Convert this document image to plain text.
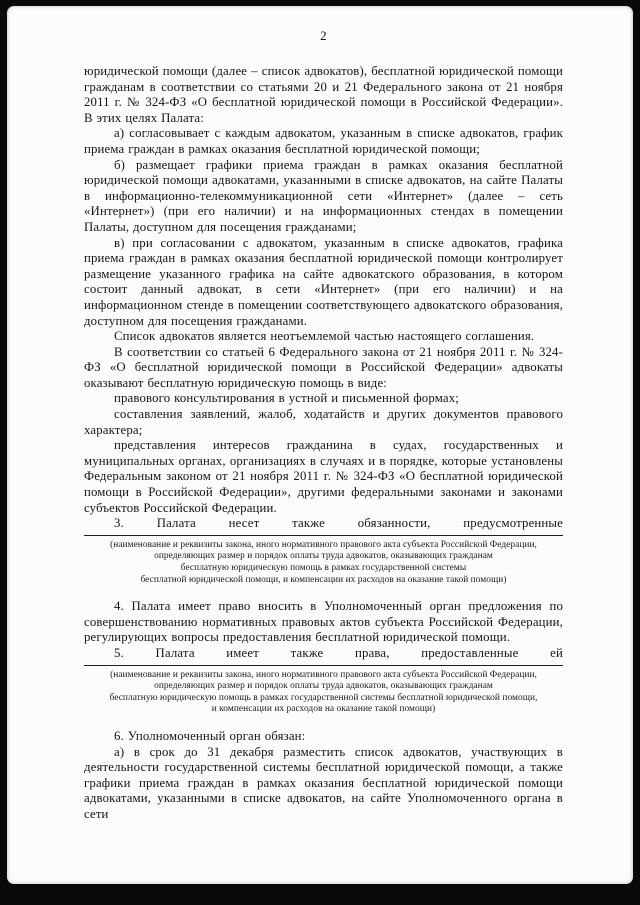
2

юридической помощи (далее – список адвокатов), бесплатной юридической помощи гражданам в соответствии со статьями 20 и 21 Федерального закона от 21 ноября 2011 г. № 324-ФЗ «О бесплатной юридической помощи в Российской Федерации». В этих целях Палата:

а) согласовывает с каждым адвокатом, указанным в списке адвокатов, график приема граждан в рамках оказания бесплатной юридической помощи;

б) размещает графики приема граждан в рамках оказания бесплатной юридической помощи адвокатами, указанными в списке адвокатов, на сайте Палаты в информационно-телекоммуникационной сети «Интернет» (далее – сеть «Интернет») (при его наличии) и на информационных стендах в помещении Палаты, доступном для посещения гражданами;

в) при согласовании с адвокатом, указанным в списке адвокатов, графика приема граждан в рамках оказания бесплатной юридической помощи контролирует размещение указанного графика на сайте адвокатского образования, в котором состоит данный адвокат, в сети «Интернет» (при его наличии) и на информационном стенде в помещении соответствующего адвокатского образования, доступном для посещения гражданами.

Список адвокатов является неотъемлемой частью настоящего соглашения.

В соответствии со статьей 6 Федерального закона от 21 ноября 2011 г. № 324-ФЗ «О бесплатной юридической помощи в Российской Федерации» адвокаты оказывают бесплатную юридическую помощь в виде:

правового консультирования в устной и письменной формах;

составления заявлений, жалоб, ходатайств и других документов правового характера;

представления интересов гражданина в судах, государственных и муниципальных органах, организациях в случаях и в порядке, которые установлены Федеральным законом от 21 ноября 2011 г. № 324-ФЗ «О бесплатной юридической помощи в Российской Федерации», другими федеральными законами и законами субъектов Российской Федерации.

3. Палата несет также обязанности, предусмотренные

(наименование и реквизиты закона, иного нормативного правового акта субъекта Российской Федерации,
определяющих размер и порядок оплаты труда адвокатов, оказывающих гражданам
бесплатную юридическую помощь в рамках государственной системы
бесплатной юридической помощи, и компенсации их расходов на оказание такой помощи)

4. Палата имеет право вносить в Уполномоченный орган предложения по совершенствованию нормативных правовых актов субъекта Российской Федерации, регулирующих вопросы предоставления бесплатной юридической помощи.

5. Палата имеет также права, предоставленные ей

(наименование и реквизиты закона, иного нормативного правового акта субъекта Российской Федерации,
определяющих размер и порядок оплаты труда адвокатов, оказывающих гражданам
бесплатную юридическую помощь в рамках государственной системы бесплатной юридической помощи,
и компенсации их расходов на оказание такой помощи)

6. Уполномоченный орган обязан:

а) в срок до 31 декабря разместить список адвокатов, участвующих в деятельности государственной системы бесплатной юридической помощи, а также графики приема граждан в рамках оказания бесплатной юридической помощи адвокатами, указанными в списке адвокатов, на сайте Уполномоченного органа в сети
